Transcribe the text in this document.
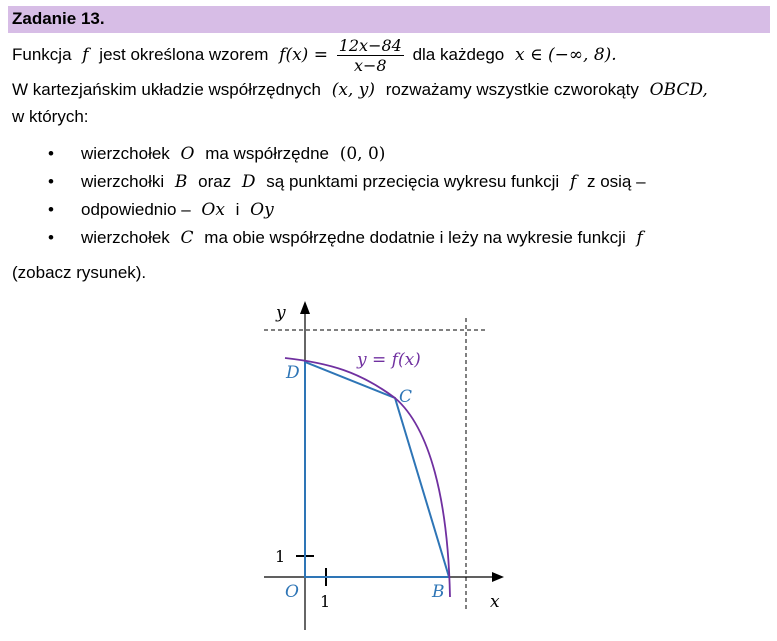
Zadanie 13.
Funkcja f jest określona wzorem $f(x) = \frac{12x-84}{x-8}$ dla każdego x ∈ (−∞, 8).
W kartezjańskim układzie współrzędnych (x, y) rozważamy wszystkie czworokąty OBCD,
w których:
• wierzchołek O ma współrzędne (0, 0)
• wierzchołki B oraz D są punktami przecięcia wykresu funkcji f z osią –
• odpowiednio – Ox i Oy
• wierzchołek C ma obie współrzędne dodatnie i leży na wykresie funkcji f
(zobacz rysunek).
y
x
y = f(x)
D
C
B
O 1
1
